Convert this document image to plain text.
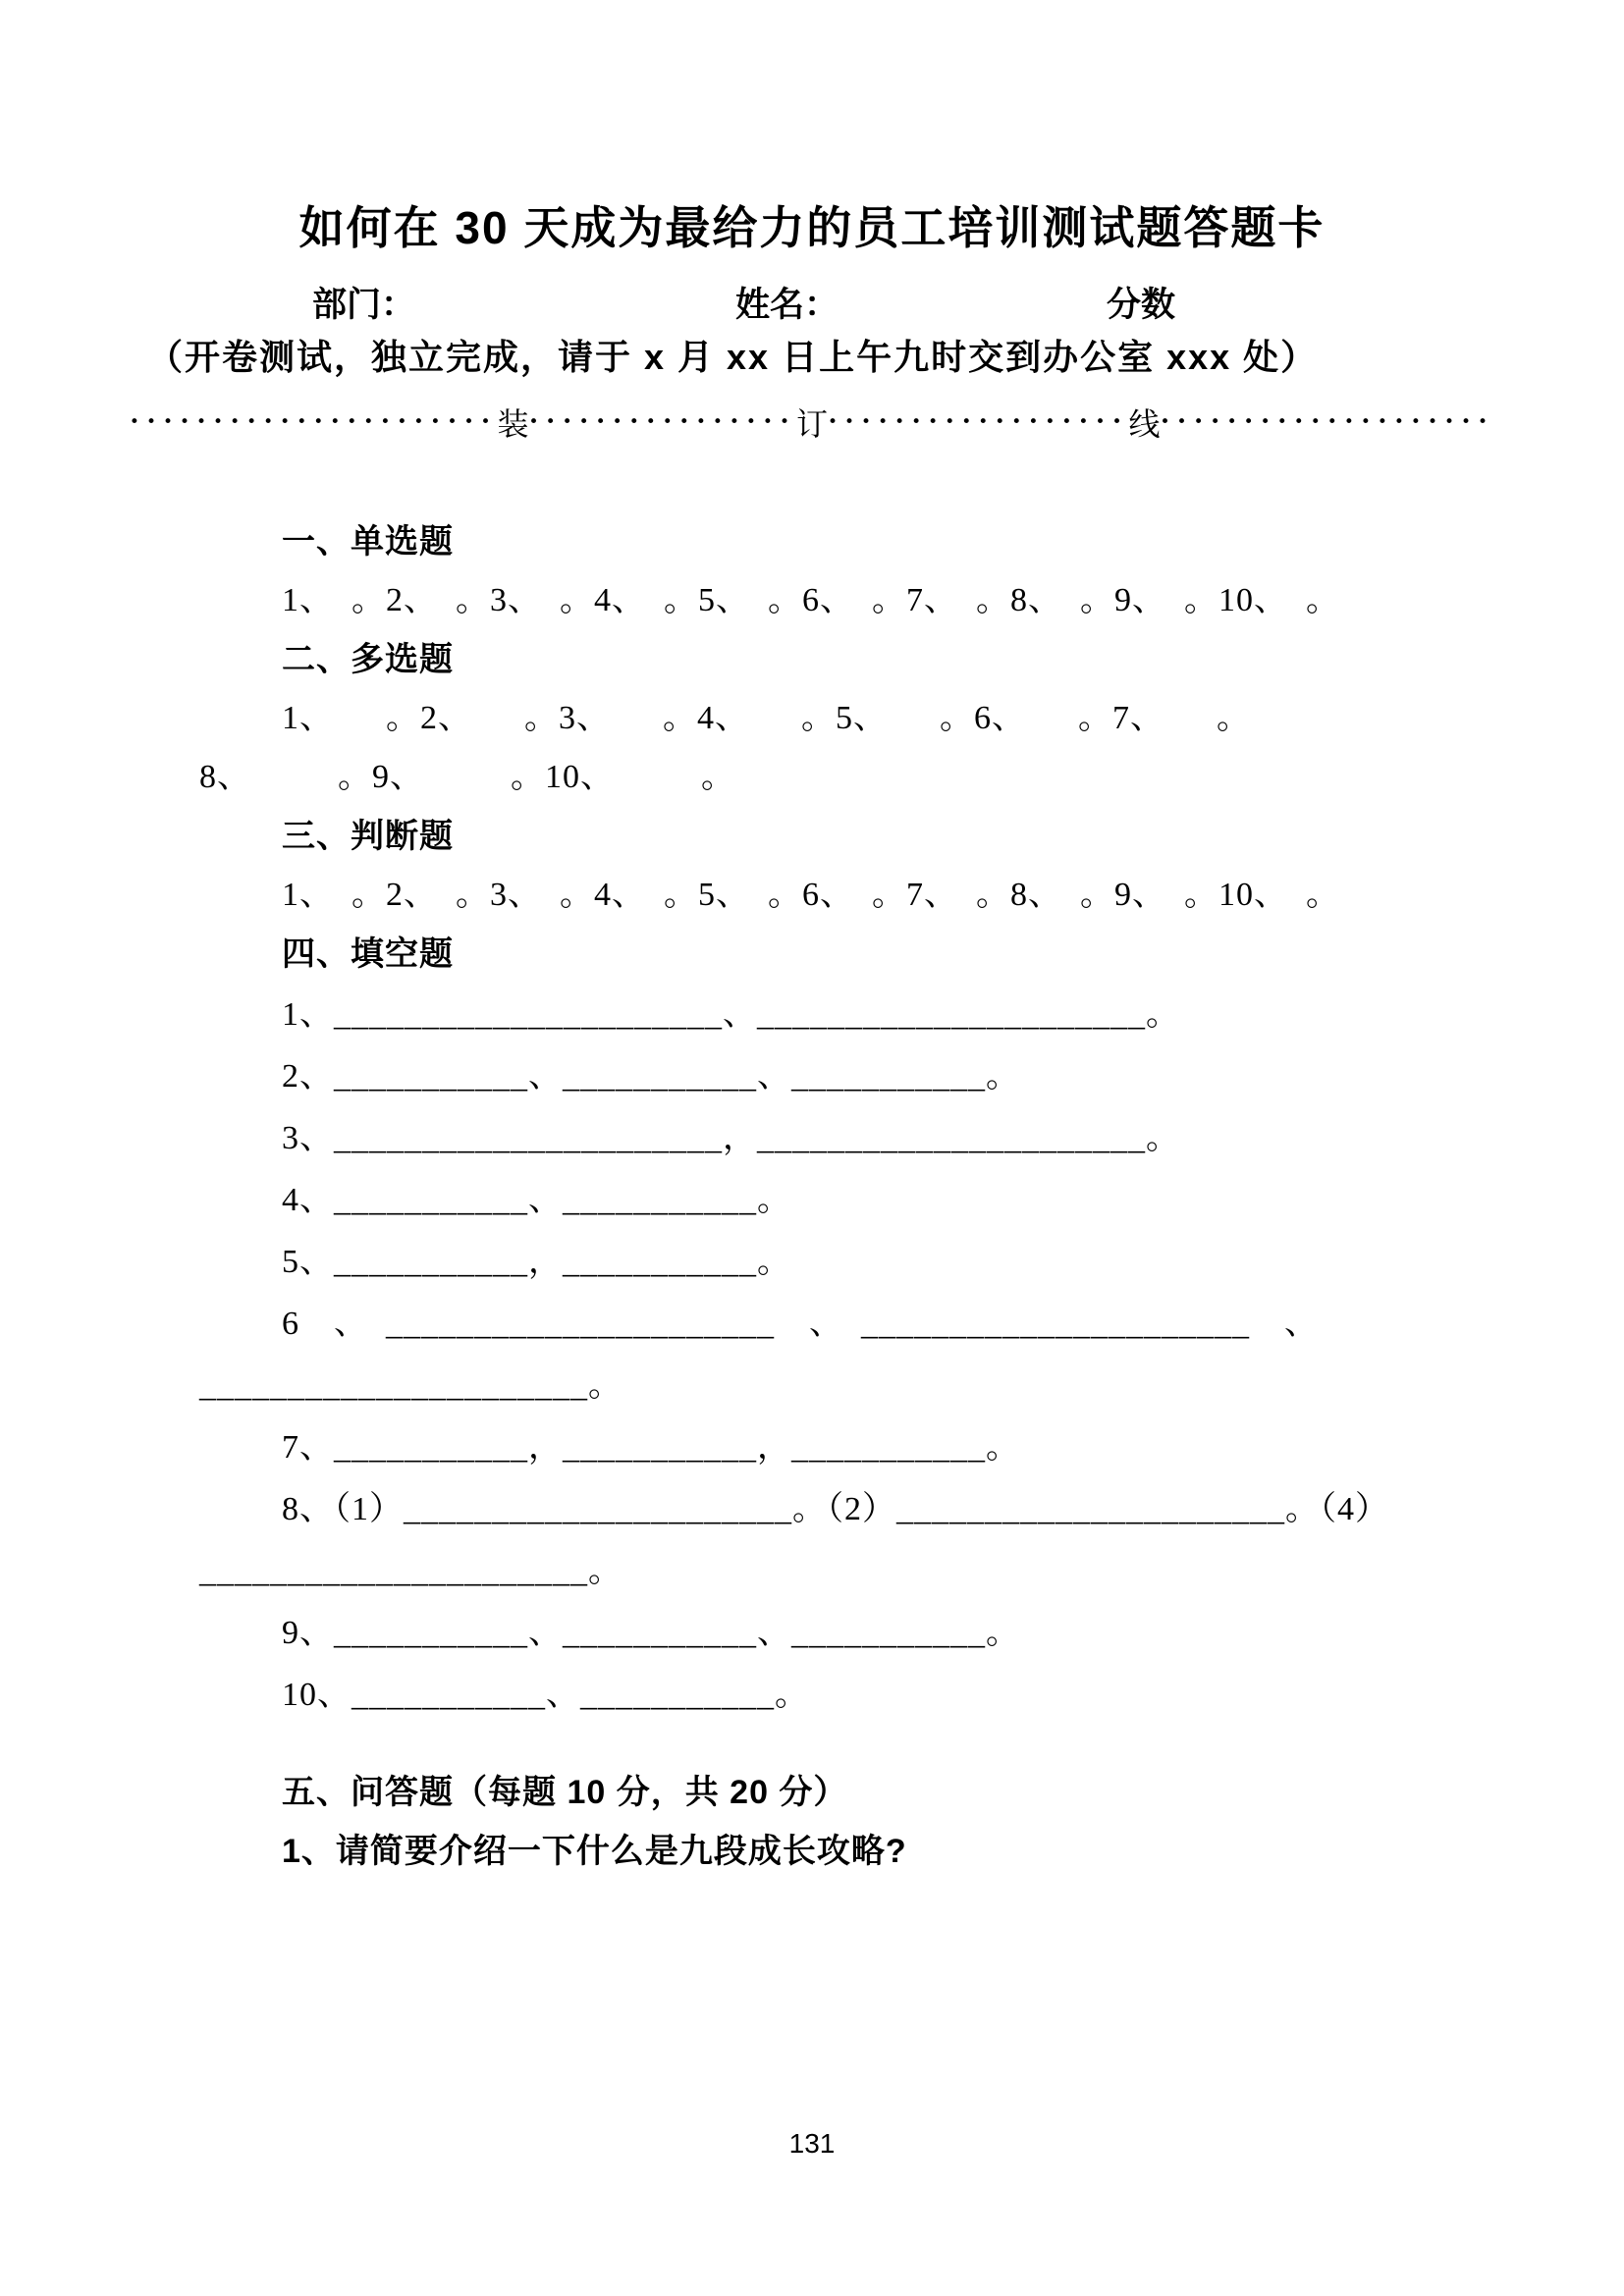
如何在 30 天成为最给力的员工培训测试题答题卡
部门：	姓名：	分数
（开卷测试，独立完成，请于 x 月 xx 日上午九时交到办公室 xxx 处）
••••••••••••••••••••••装••••••••••••••••订••••••••••••••••••线••••••••••••••••••••
一、单选题
1、　。2、　。3、　。4、　。5、　。6、　。7、　。8、　。9、　。10、　。
二、多选题
1、　　。2、　　。3、　　。4、　　。5、　　。6、　　。7、　　。
8、　　　。9、　　　。10、　　　。
三、判断题
1、　。2、　。3、　。4、　。5、　。6、　。7、　。8、　。9、　。10、　。
四、填空题
1、______________________、______________________。
2、___________、___________、___________。
3、______________________，______________________。
4、___________、___________。
5、___________，___________。
6　、　______________________　、　______________________　、
______________________。
7、___________，___________，___________。
8、（1）______________________。（2）______________________。（4）
______________________。
9、___________、___________、___________。
10、___________、___________。
五、问答题（每题 10 分，共 20 分）
1、请简要介绍一下什么是九段成长攻略?
131
